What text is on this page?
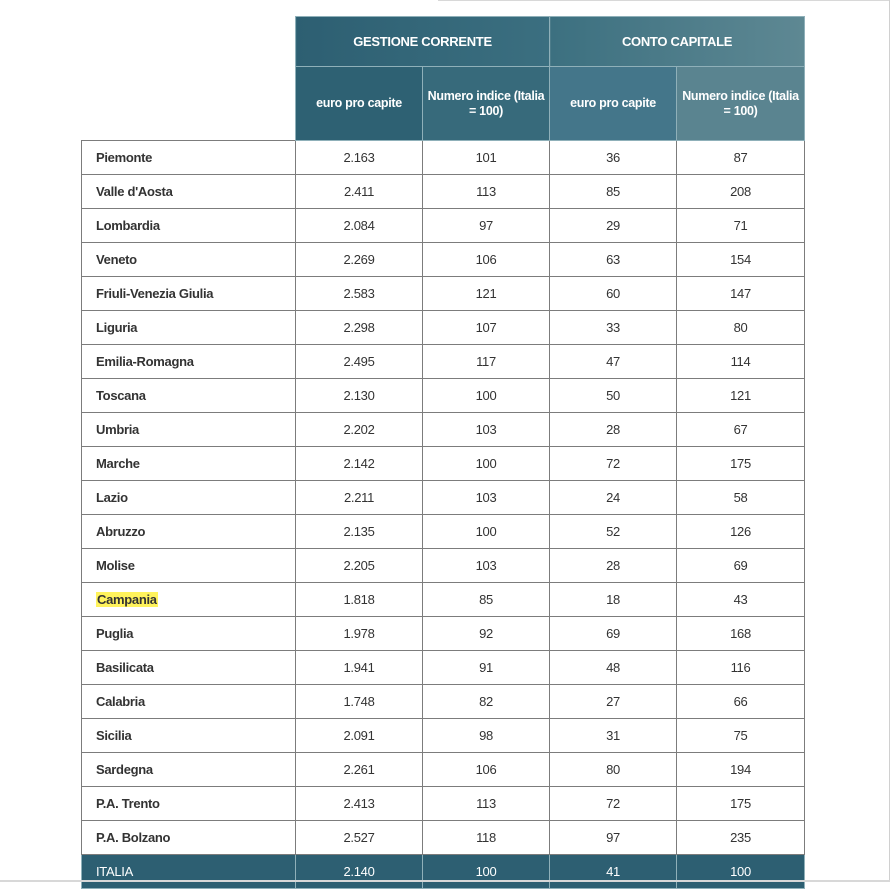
	GESTIONE CORRENTE		CONTO CAPITALE	
	euro pro capite	Numero indice (Italia = 100)	euro pro capite	Numero indice (Italia = 100)
Piemonte	2.163	101	36	87
Valle d'Aosta	2.411	113	85	208
Lombardia	2.084	97	29	71
Veneto	2.269	106	63	154
Friuli-Venezia Giulia	2.583	121	60	147
Liguria	2.298	107	33	80
Emilia-Romagna	2.495	117	47	114
Toscana	2.130	100	50	121
Umbria	2.202	103	28	67
Marche	2.142	100	72	175
Lazio	2.211	103	24	58
Abruzzo	2.135	100	52	126
Molise	2.205	103	28	69
Campania	1.818	85	18	43
Puglia	1.978	92	69	168
Basilicata	1.941	91	48	116
Calabria	1.748	82	27	66
Sicilia	2.091	98	31	75
Sardegna	2.261	106	80	194
P.A. Trento	2.413	113	72	175
P.A. Bolzano	2.527	118	97	235
ITALIA	2.140	100	41	100
